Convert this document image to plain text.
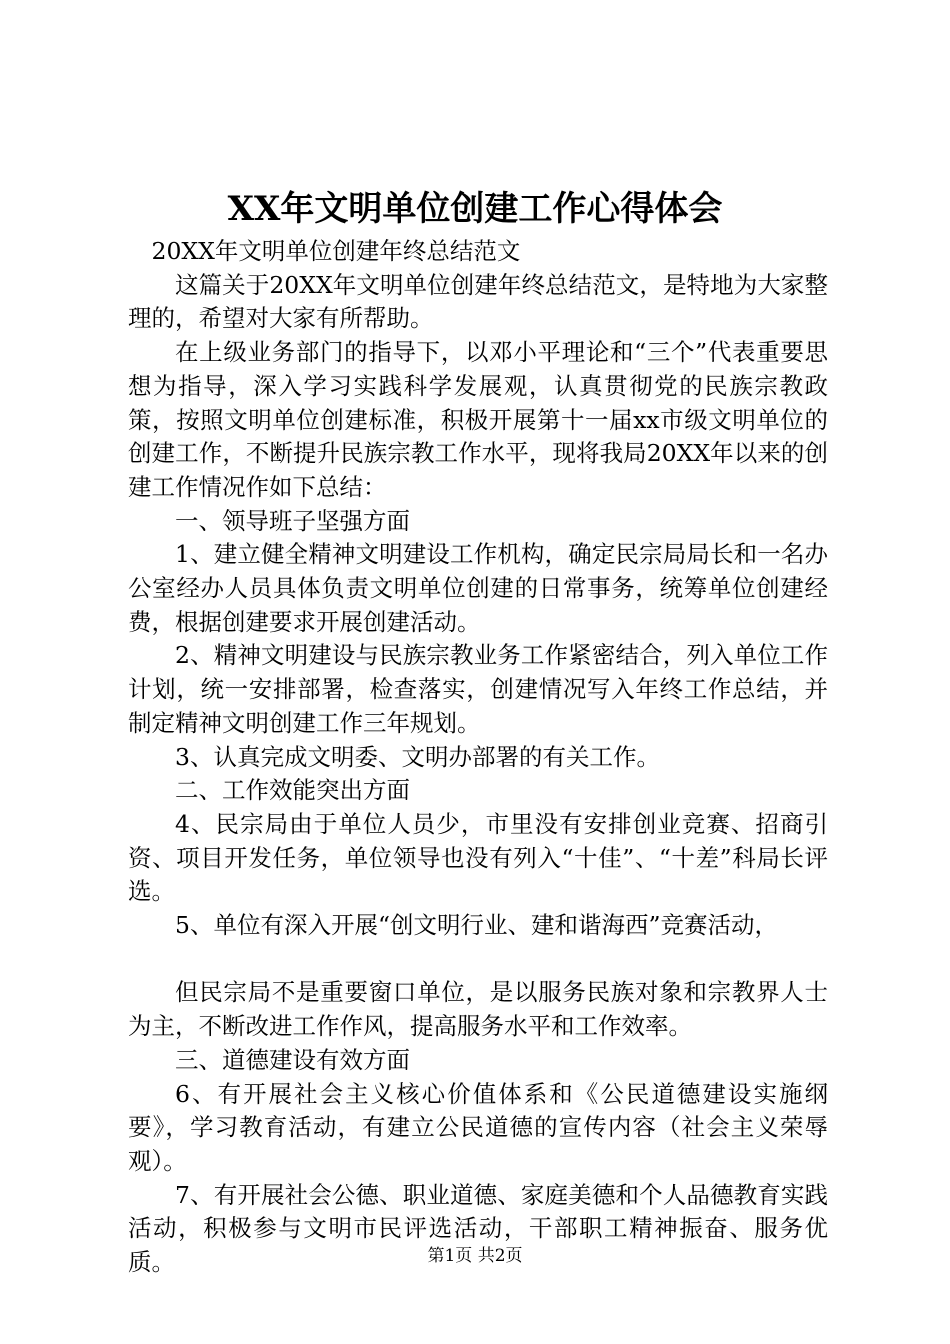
XX年文明单位创建工作心得体会

20XX年文明单位创建年终总结范文

这篇关于20XX年文明单位创建年终总结范文，是特地为大家整理的，希望对大家有所帮助。

在上级业务部门的指导下，以邓小平理论和“三个”代表重要思想为指导，深入学习实践科学发展观，认真贯彻党的民族宗教政策，按照文明单位创建标准，积极开展第十一届xx市级文明单位的创建工作，不断提升民族宗教工作水平，现将我局20XX年以来的创建工作情况作如下总结：

一、领导班子坚强方面

1、建立健全精神文明建设工作机构，确定民宗局局长和一名办公室经办人员具体负责文明单位创建的日常事务，统筹单位创建经费，根据创建要求开展创建活动。

2、精神文明建设与民族宗教业务工作紧密结合，列入单位工作计划，统一安排部署，检查落实，创建情况写入年终工作总结，并制定精神文明创建工作三年规划。

3、认真完成文明委、文明办部署的有关工作。

二、工作效能突出方面

4、民宗局由于单位人员少，市里没有安排创业竞赛、招商引资、项目开发任务，单位领导也没有列入“十佳”、“十差”科局长评选。

5、单位有深入开展“创文明行业、建和谐海西”竞赛活动，

但民宗局不是重要窗口单位，是以服务民族对象和宗教界人士为主，不断改进工作作风，提高服务水平和工作效率。

三、道德建设有效方面

6、有开展社会主义核心价值体系和《公民道德建设实施纲要》，学习教育活动，有建立公民道德的宣传内容（社会主义荣辱观）。

7、有开展社会公德、职业道德、家庭美德和个人品德教育实践活动，积极参与文明市民评选活动，干部职工精神振奋、服务优质。	第1页 共2页
